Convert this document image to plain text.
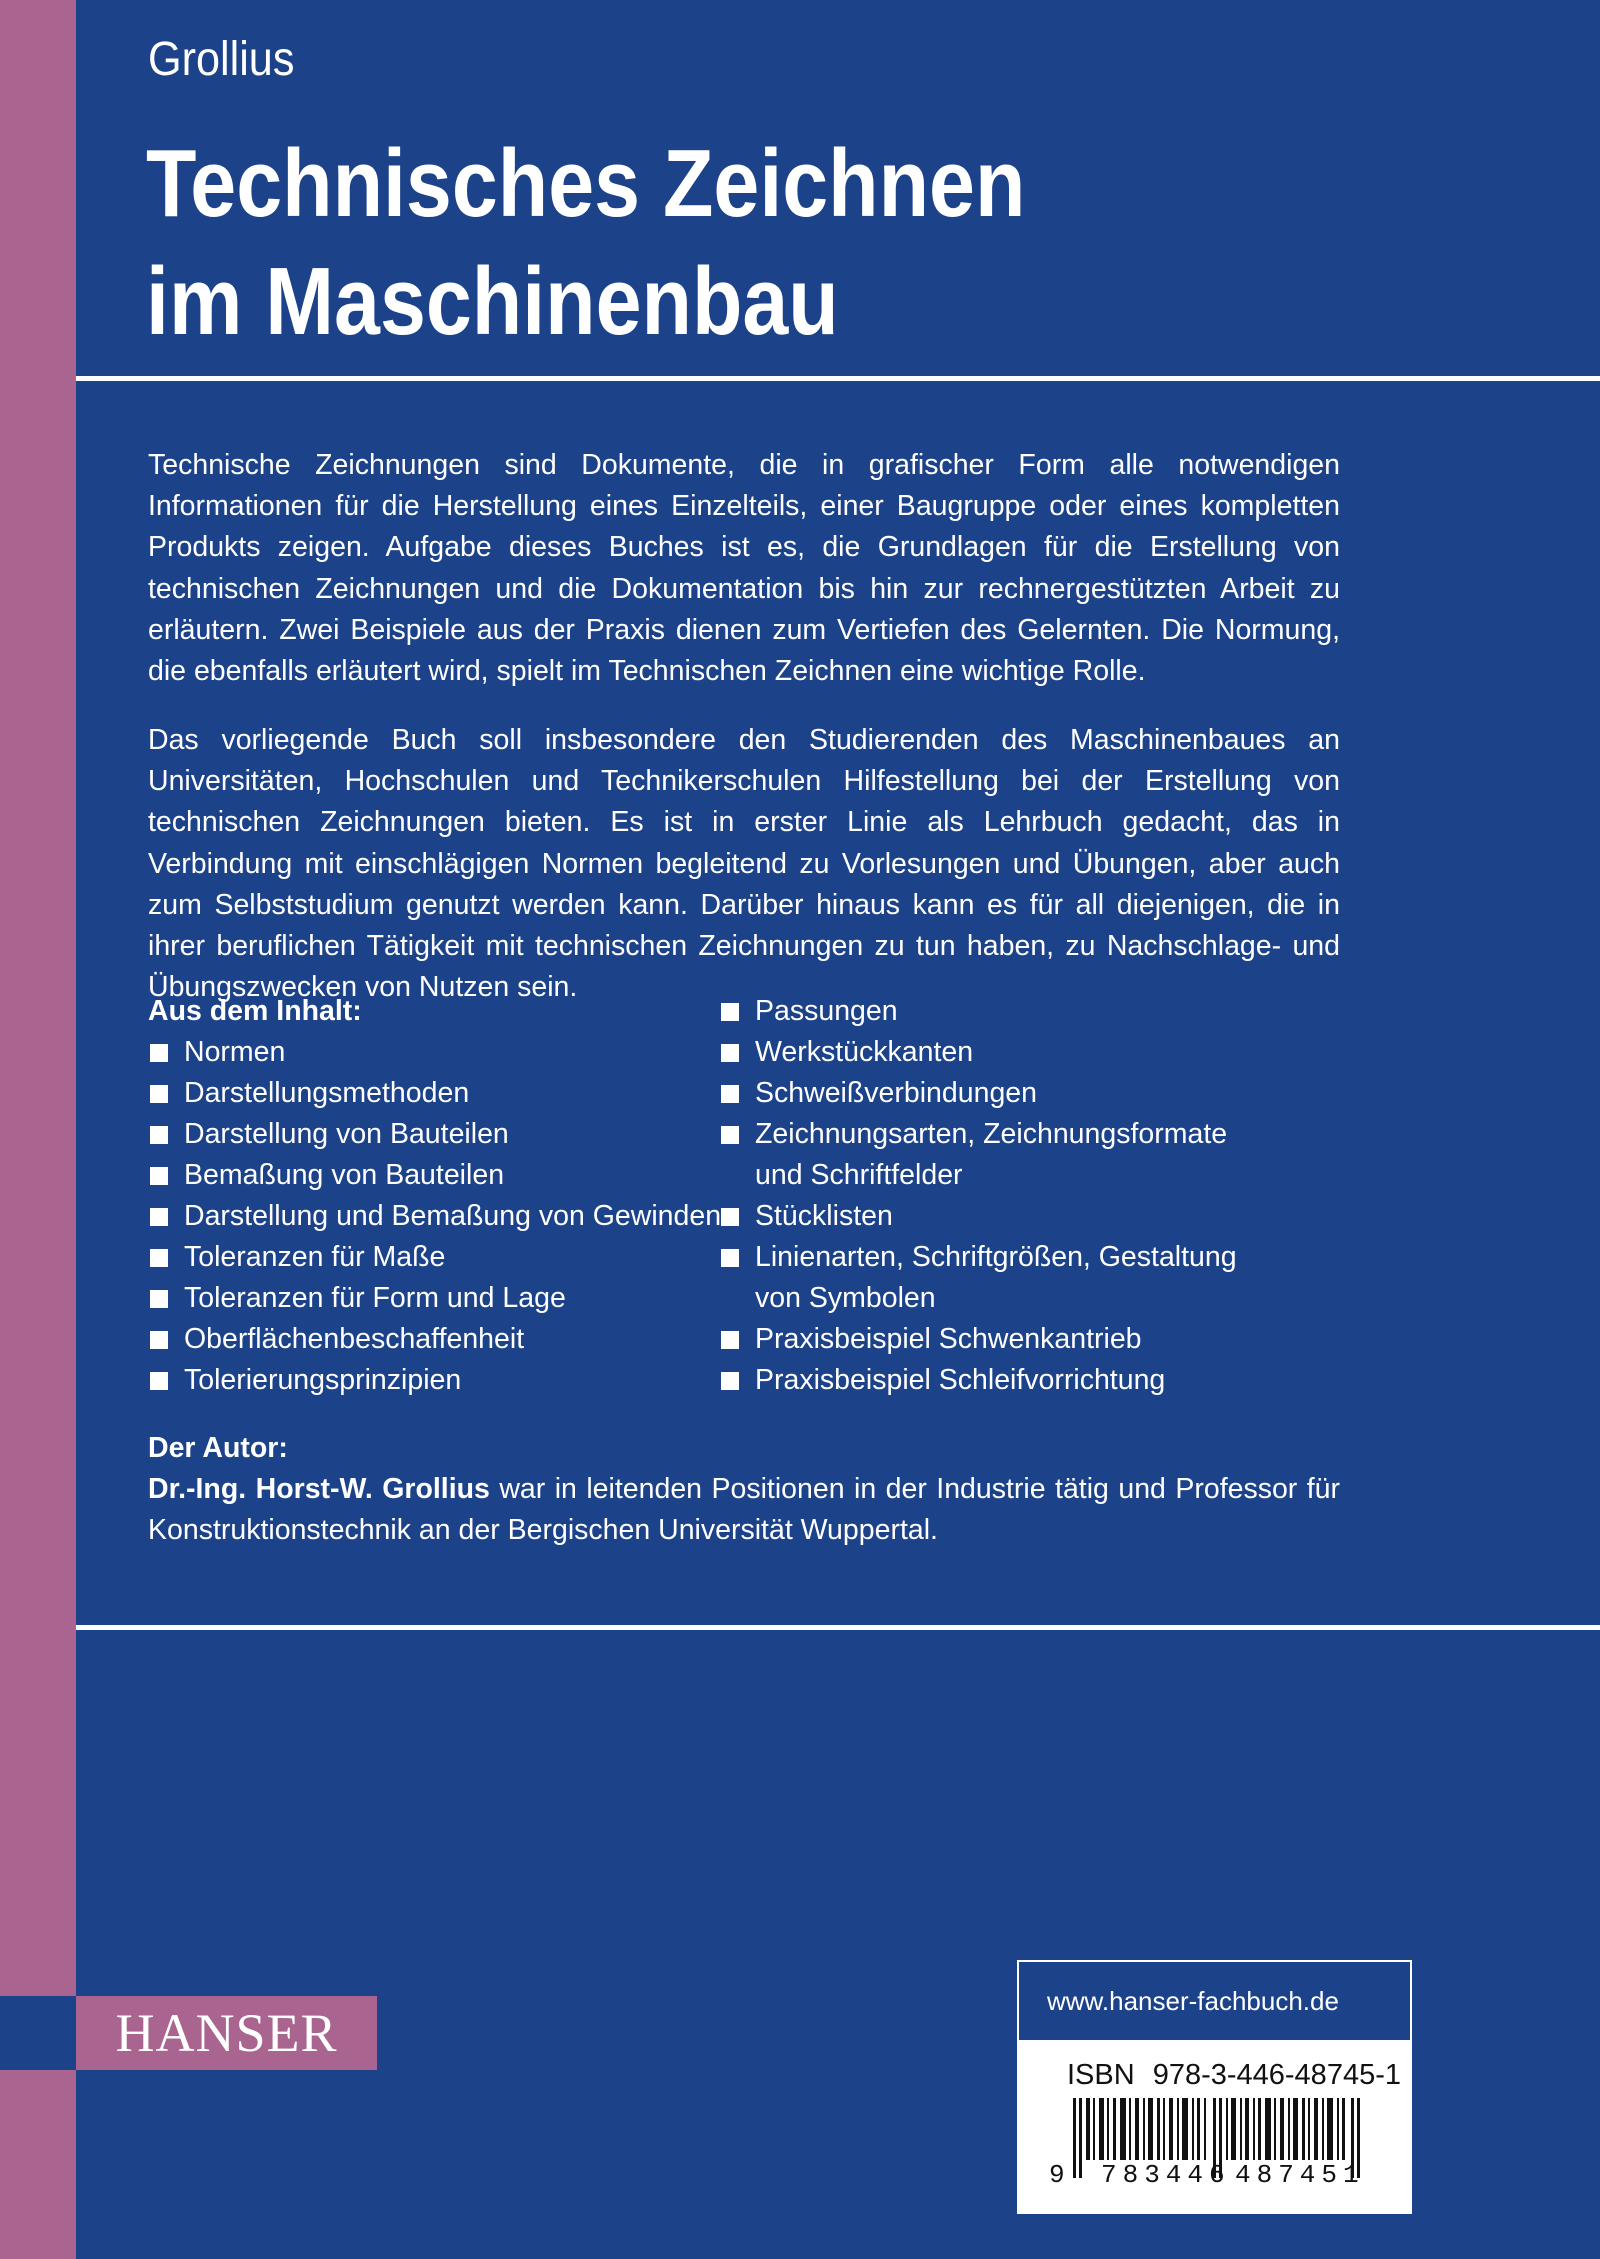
Grollius
Technisches Zeichnen
im Maschinenbau

Technische Zeichnungen sind Dokumente, die in grafischer Form alle notwendigen Informationen für die Herstellung eines Einzelteils, einer Baugruppe oder eines kompletten Produkts zeigen. Aufgabe dieses Buches ist es, die Grundlagen für die Erstellung von technischen Zeichnungen und die Dokumentation bis hin zur rechnergestützten Arbeit zu erläutern. Zwei Beispiele aus der Praxis dienen zum Vertiefen des Gelernten. Die Normung, die ebenfalls erläutert wird, spielt im Technischen Zeichnen eine wichtige Rolle.

Das vorliegende Buch soll insbesondere den Studierenden des Maschinenbaues an Universitäten, Hochschulen und Technikerschulen Hilfestellung bei der Erstellung von technischen Zeichnungen bieten. Es ist in erster Linie als Lehrbuch gedacht, das in Verbindung mit einschlägigen Normen begleitend zu Vorlesungen und Übungen, aber auch zum Selbststudium genutzt werden kann. Darüber hinaus kann es für all diejenigen, die in ihrer beruflichen Tätigkeit mit technischen Zeichnungen zu tun haben, zu Nachschlage- und Übungszwecken von Nutzen sein.

Aus dem Inhalt:
Normen
Darstellungsmethoden
Darstellung von Bauteilen
Bemaßung von Bauteilen
Darstellung und Bemaßung von Gewinden
Toleranzen für Maße
Toleranzen für Form und Lage
Oberflächenbeschaffenheit
Tolerierungsprinzipien
Passungen
Werkstückkanten
Schweißverbindungen
Zeichnungsarten, Zeichnungsformate
und Schriftfelder
Stücklisten
Linienarten, Schriftgrößen, Gestaltung
von Symbolen
Praxisbeispiel Schwenkantrieb
Praxisbeispiel Schleifvorrichtung
Der Autor:

Dr.-Ing. Horst-W. Grollius war in leitenden Positionen in der Industrie tätig und Professor für Konstruktionstechnik an der Bergischen Universität Wuppertal.

HANSER
www.hanser-fachbuch.de
ISBN 978-3-446-48745-1
9 783446 487451
